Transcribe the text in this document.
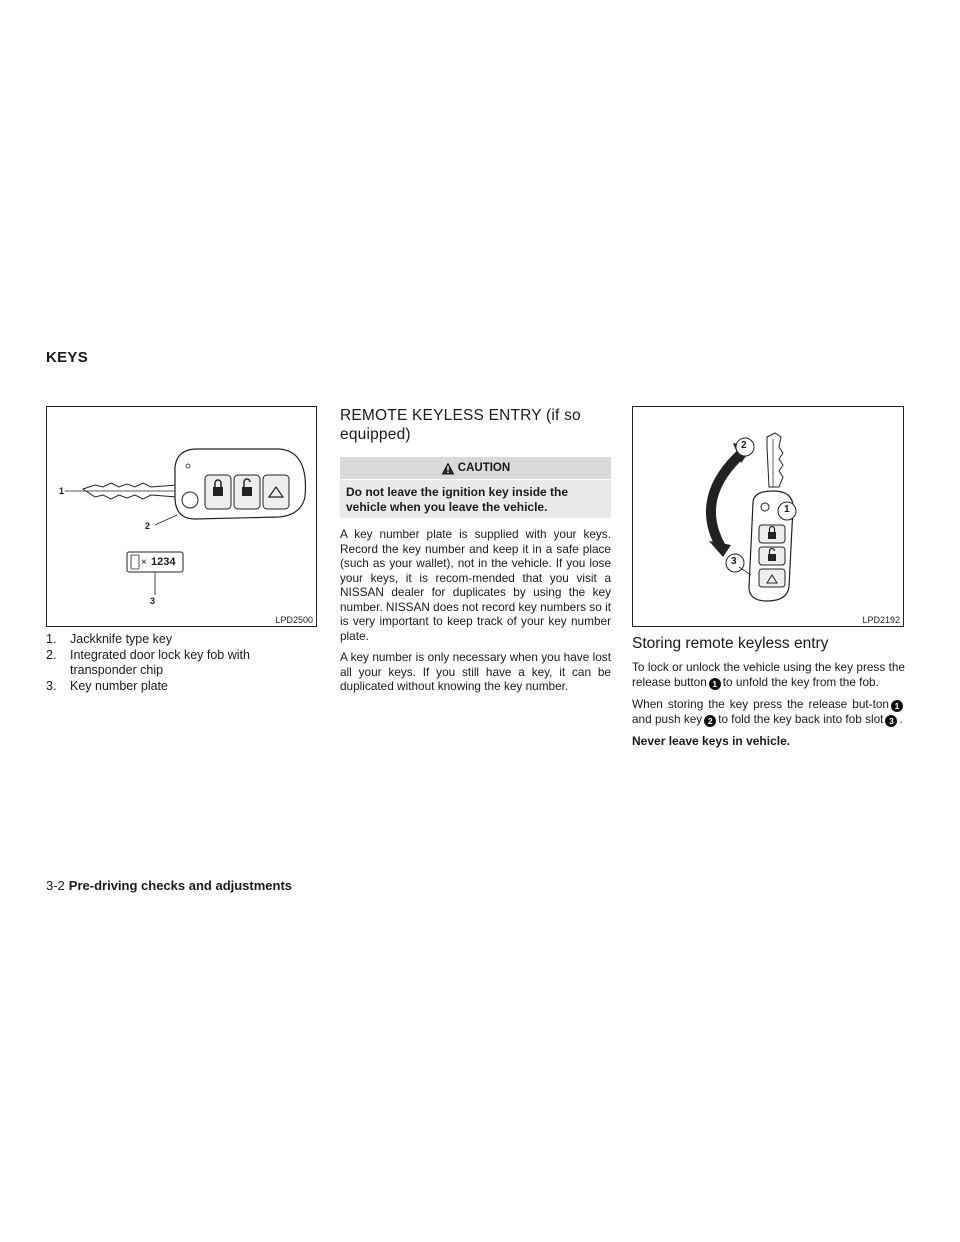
KEYS
1
2
× 1234
3
LPD2500
1.	Jackknife type key
2.	Integrated door lock key fob with transponder chip
3.	Key number plate
REMOTE KEYLESS ENTRY (if so equipped)
CAUTION
Do not leave the ignition key inside the vehicle when you leave the vehicle.

A key number plate is supplied with your keys. Record the key number and keep it in a safe place (such as your wallet), not in the vehicle. If you lose your keys, it is recom-mended that you visit a NISSAN dealer for duplicates by using the key number. NISSAN does not record key numbers so it is very important to keep track of your key number plate.

A key number is only necessary when you have lost all your keys. If you still have a key, it can be duplicated without knowing the key number.

2
1
3
LPD2192
Storing remote keyless entry

To lock or unlock the vehicle using the key press the release button 1 to unfold the key from the fob.

When storing the key press the release but-ton 1and push key 2 to fold the key back into fob slot 3 .

Never leave keys in vehicle.

3-2 Pre-driving checks and adjustments
